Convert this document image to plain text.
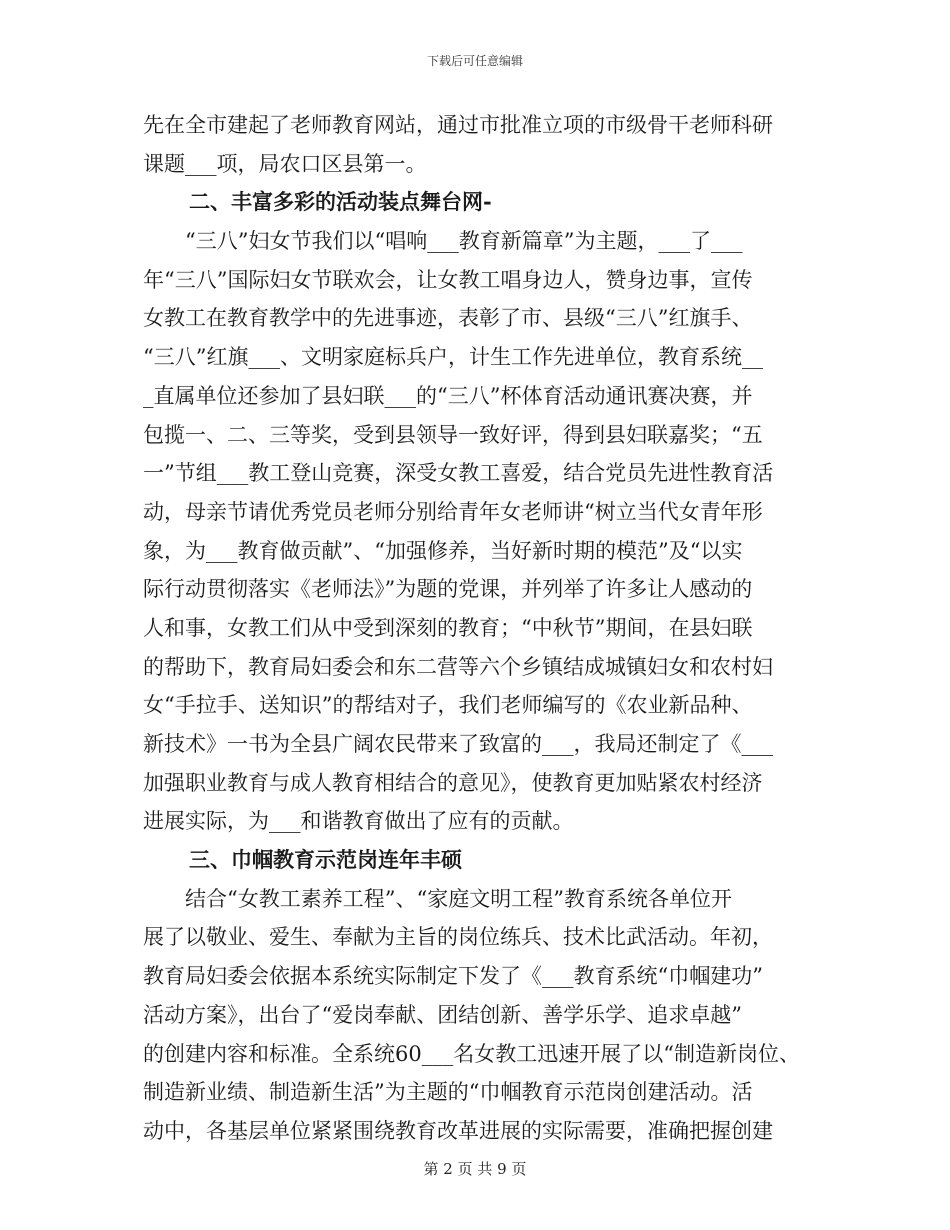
下载后可任意编辑
先在全市建起了老师教育网站，通过市批准立项的市级骨干老师科研
课题___项，局农口区县第一。
二、丰富多彩的活动装点舞台网-
　　“三八”妇女节我们以“唱响___教育新篇章”为主题，___了___
年“三八”国际妇女节联欢会，让女教工唱身边人，赞身边事，宣传
女教工在教育教学中的先进事迹，表彰了市、县级“三八”红旗手、
“三八”红旗___、文明家庭标兵户，计生工作先进单位，教育系统__
_直属单位还参加了县妇联___的“三八”杯体育活动通讯赛决赛，并
包揽一、二、三等奖，受到县领导一致好评，得到县妇联嘉奖；“五
一”节组___教工登山竞赛，深受女教工喜爱，结合党员先进性教育活
动，母亲节请优秀党员老师分别给青年女老师讲“树立当代女青年形
象，为___教育做贡献”、“加强修养，当好新时期的模范”及“以实
际行动贯彻落实《老师法》”为题的党课，并列举了许多让人感动的
人和事，女教工们从中受到深刻的教育；“中秋节”期间，在县妇联
的帮助下，教育局妇委会和东二营等六个乡镇结成城镇妇女和农村妇
女“手拉手、送知识”的帮结对子，我们老师编写的《农业新品种、
新技术》一书为全县广阔农民带来了致富的___，我局还制定了《___
加强职业教育与成人教育相结合的意见》，使教育更加贴紧农村经济
进展实际，为___和谐教育做出了应有的贡献。
三、巾帼教育示范岗连年丰硕
　　结合“女教工素养工程”、“家庭文明工程”教育系统各单位开
展了以敬业、爱生、奉献为主旨的岗位练兵、技术比武活动。年初，
教育局妇委会依据本系统实际制定下发了《___教育系统“巾帼建功”
活动方案》，出台了“爱岗奉献、团结创新、善学乐学、追求卓越”
的创建内容和标准。全系统60___名女教工迅速开展了以“制造新岗位、
制造新业绩、制造新生活”为主题的“巾帼教育示范岗创建活动。活
动中，各基层单位紧紧围绕教育改革进展的实际需要，准确把握创建
第 2 页 共 9 页
